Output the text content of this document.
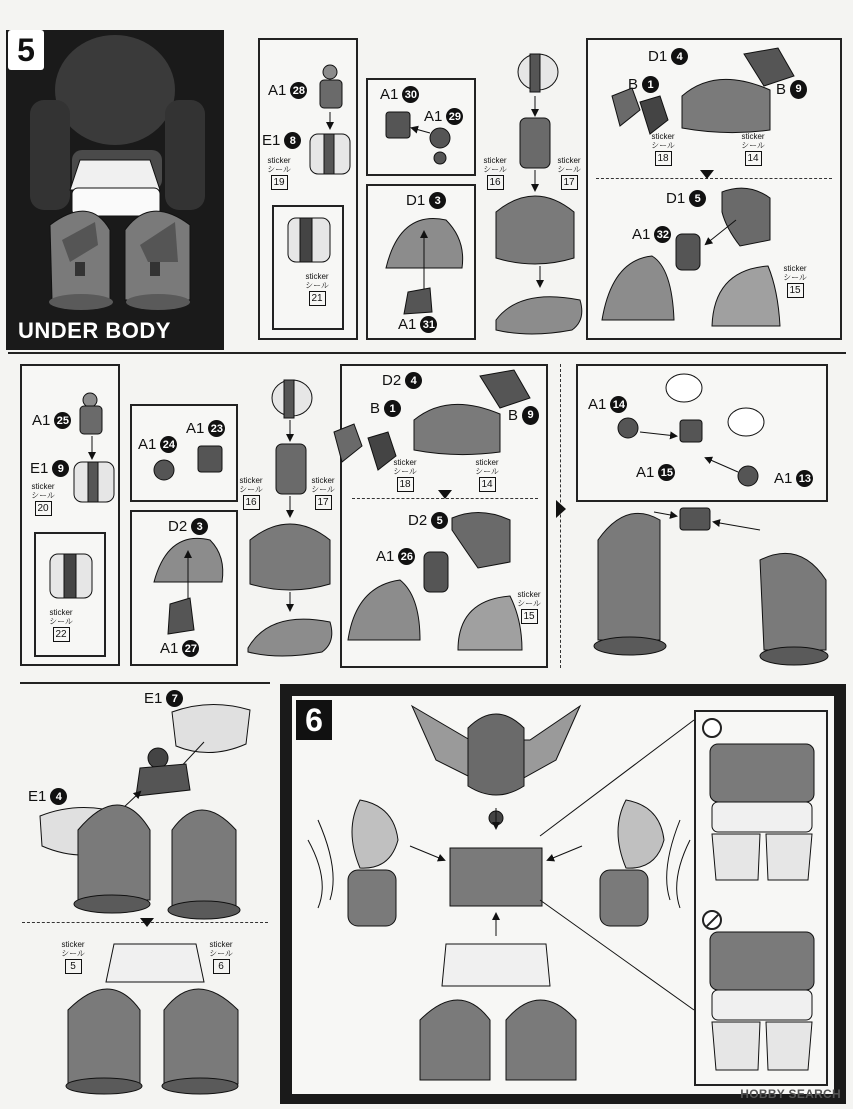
5
UNDER BODY
6
A1 28
E1 8
sticker
シール
19
sticker
シール
21
A1 30
A1 29
D1 3
A1 31
sticker
シール
16
sticker
シール
17
D1 4
B 1	B 9
sticker
シール
18
sticker
シール
14
D1 5
A1 32
sticker
シール
15
A1 25
E1 9
sticker
シール
20
sticker
シール
22
A1 24
A1 23
D2 3
A1 27
sticker
シール
16
sticker
シール
17
D2 4
B 1	B 9
sticker
シール
18
sticker
シール
14
D2 5
A1 26
sticker
シール
15
A1 14
A1 15	A1 13
E1 7
E1 4
sticker
シール
5
sticker
シール
6
HOBBY SEARCH
